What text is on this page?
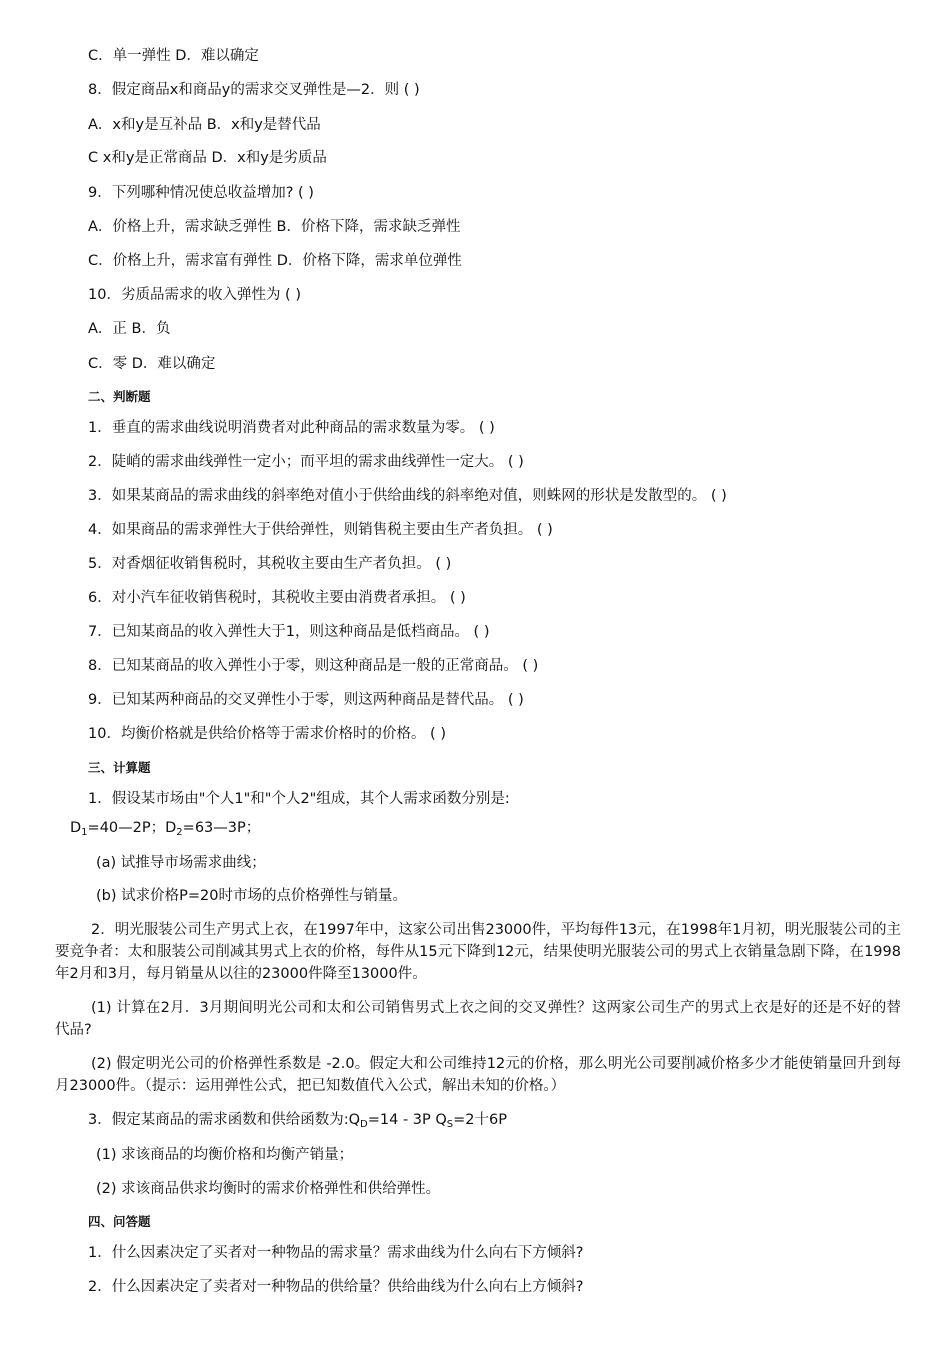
C．单一弹性 D．难以确定
8．假定商品x和商品y的需求交叉弹性是—2．则 ( )
A．x和y是互补品 B．x和y是替代品
C x和y是正常商品 D．x和y是劣质品
9．下列哪种情况使总收益增加? ( )
A．价格上升，需求缺乏弹性 B．价格下降，需求缺乏弹性
C．价格上升，需求富有弹性 D．价格下降，需求单位弹性
10．劣质品需求的收入弹性为 ( )
A．正 B．负
C．零 D．难以确定
二、判断题
1．垂直的需求曲线说明消费者对此种商品的需求数量为零。 ( )
2．陡峭的需求曲线弹性一定小；而平坦的需求曲线弹性一定大。 ( )
3．如果某商品的需求曲线的斜率绝对值小于供给曲线的斜率绝对值，则蛛网的形状是发散型的。 ( )
4．如果商品的需求弹性大于供给弹性，则销售税主要由生产者负担。 ( )
5．对香烟征收销售税时，其税收主要由生产者负担。 ( )
6．对小汽车征收销售税时，其税收主要由消费者承担。 ( )
7．已知某商品的收入弹性大于1，则这种商品是低档商品。 ( )
8．已知某商品的收入弹性小于零，则这种商品是一般的正常商品。 ( )
9．已知某两种商品的交叉弹性小于零，则这两种商品是替代品。 ( )
10．均衡价格就是供给价格等于需求价格时的价格。 ( )
三、计算题
1．假设某市场由"个人1"和"个人2"组成，其个人需求函数分别是:
$D_1=40—2P$；$D_2=63—3P$；
(a) 试推导市场需求曲线；
(b) 试求价格P=20时市场的点价格弹性与销量。
2．明光服装公司生产男式上衣，在1997年中，这家公司出售23000件，平均每件13元，在1998年1月初，明光服装公司的主要竞争者：太和服装公司削减其男式上衣的价格，每件从15元下降到12元，结果使明光服装公司的男式上衣销量急剧下降，在1998年2月和3月，每月销量从以往的23000件降至13000件。
(1) 计算在2月．3月期间明光公司和太和公司销售男式上衣之间的交叉弹性？这两家公司生产的男式上衣是好的还是不好的替代品?
(2) 假定明光公司的价格弹性系数是 -2.0。假定大和公司维持12元的价格，那么明光公司要削减价格多少才能使销量回升到每月23000件。（提示：运用弹性公式，把已知数值代入公式，解出未知的价格。）
3．假定某商品的需求函数和供给函数为$:Q_D=14 - 3P$ $Q_S=2$十6P
(1) 求该商品的均衡价格和均衡产销量；
(2) 求该商品供求均衡时的需求价格弹性和供给弹性。
四、问答题
1．什么因素决定了买者对一种物品的需求量？需求曲线为什么向右下方倾斜?
2．什么因素决定了卖者对一种物品的供给量？供给曲线为什么向右上方倾斜?
